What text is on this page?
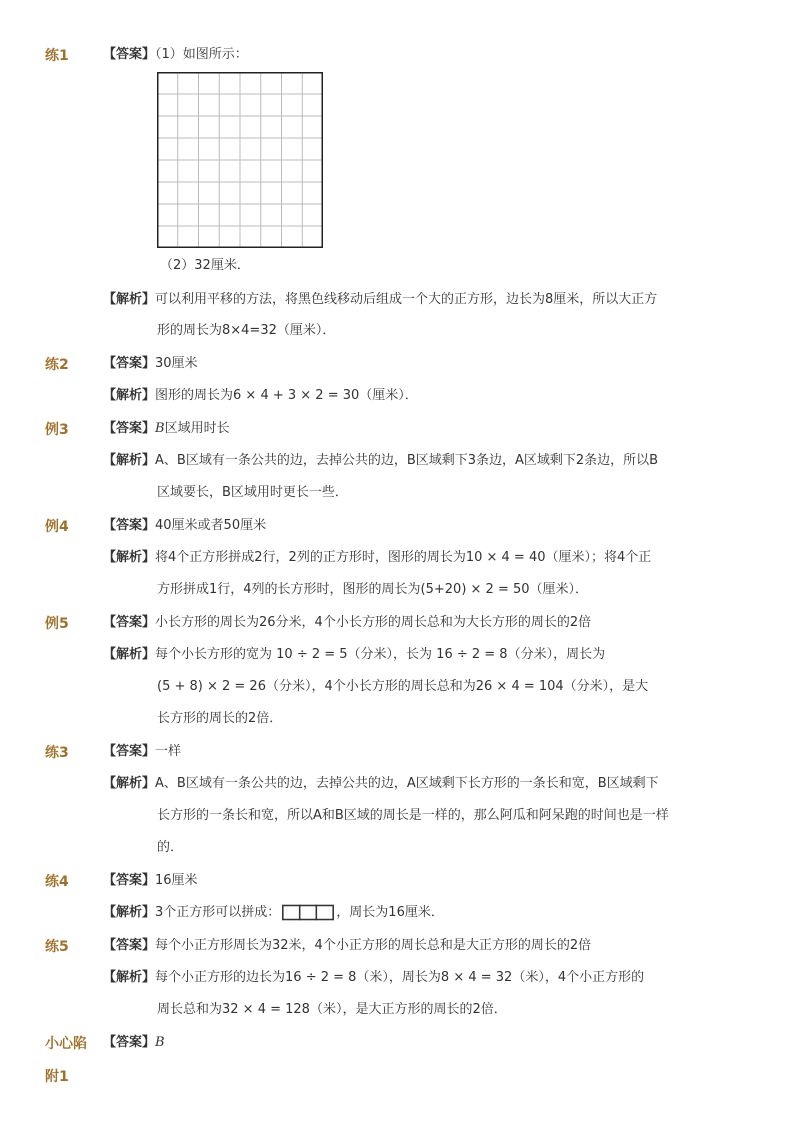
练1	【答案】（1）如图所示：
（2）32厘米．
【解析】可以利用平移的方法，将黑色线移动后组成一个大的正方形，边长为8厘米，所以大正方
形的周长为8×4=32（厘米）．
练2	【答案】30厘米
【解析】图形的周长为6 × 4 + 3 × 2 = 30（厘米）．
例3	【答案】B区域用时长
【解析】A、B区域有一条公共的边，去掉公共的边，B区域剩下3条边，A区域剩下2条边，所以B
区域要长，B区域用时更长一些．
例4	【答案】40厘米或者50厘米
【解析】将4个正方形拼成2行，2列的正方形时，图形的周长为10 × 4 = 40（厘米）；将4个正
方形拼成1行，4列的长方形时，图形的周长为(5+20) × 2 = 50（厘米）．
例5	【答案】小长方形的周长为26分米，4个小长方形的周长总和为大长方形的周长的2倍
【解析】每个小长方形的宽为 10 ÷ 2 = 5（分米），长为 16 ÷ 2 = 8（分米），周长为
(5 + 8) × 2 = 26（分米），4个小长方形的周长总和为26 × 4 = 104（分米），是大
长方形的周长的2倍．
练3	【答案】一样
【解析】A、B区域有一条公共的边，去掉公共的边，A区域剩下长方形的一条长和宽，B区域剩下
长方形的一条长和宽，所以A和B区域的周长是一样的，那么阿瓜和阿呆跑的时间也是一样
的．
练4	【答案】16厘米
【解析】3个正方形可以拼成：	，周长为16厘米．
练5	【答案】每个小正方形周长为32米，4个小正方形的周长总和是大正方形的周长的2倍
【解析】每个小正方形的边长为16 ÷ 2 = 8（米），周长为8 × 4 = 32（米），4个小正方形的
周长总和为32 × 4 = 128（米），是大正方形的周长的2倍．
小心陷 【答案】B
附1
